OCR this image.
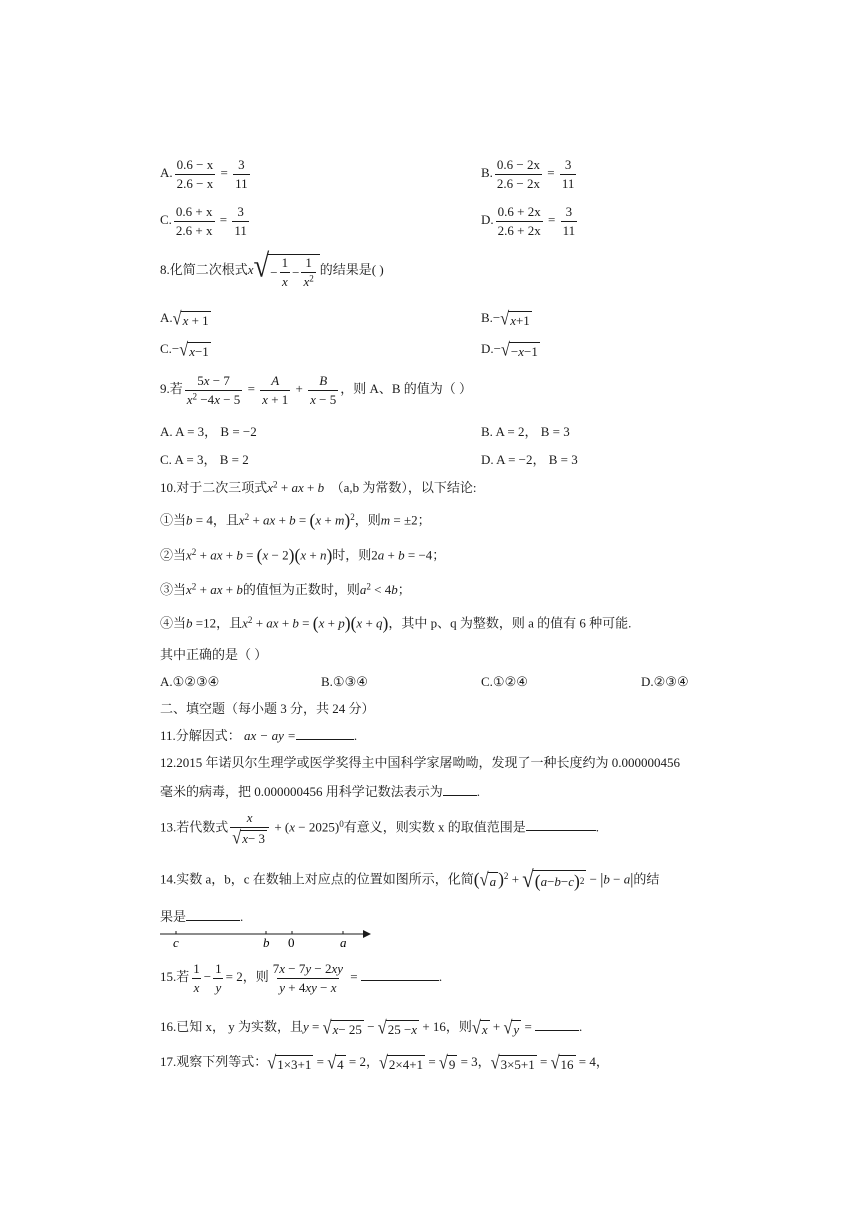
A. $\frac{0.6 - x}{2.6 - x} = \frac{3}{11}$	B. $\frac{0.6 - 2x}{2.6 - 2x} = \frac{3}{11}$
C. $\frac{0.6 + x}{2.6 + x} = \frac{3}{11}$	D. $\frac{0.6 + 2x}{2.6 + 2x} = \frac{3}{11}$
8.化简二次根式x √ − $\frac{1}{x} - \frac{1}{x^2}$ 的结果是( )
A. √ x + 1	B.− √ x +1
C.− √ x −1	D.− √ − x −1
9.若 $\frac{5x - 7}{x^2 -4x - 5} = \frac{A}{x + 1} + \frac{B}{x - 5}$ ，则 A、B 的值为（ ）
A. A = 3， B = −2	B. A = 2， B = 3
C. A = 3， B = 2	D. A = −2， B = 3
10.对于二次三项式$x^2$ + ax + b （a,b 为常数），以下结论:
①当b = 4，且$x^2$ + ax + $b = (x + m)^2$，则m = ±2；
②当$x^2$ + ax + b = (x − 2)(x + n)时，则2a + b = −4；
③当$x^2$ + ax + b的值恒为正数时，则$a^2 < 4b$；
④当b =12，且$x^2$ + ax + b = (x + p)(x + q)，其中 p、q 为整数，则 a 的值有 6 种可能.
其中正确的是（ ）
A.①②③④	B.①③④	C.①②④	D.②③④
二、填空题（每小题 3 分，共 24 分）
11.分解因式： ax − ay =	.
12.2015 年诺贝尔生理学或医学奖得主中国科学家屠呦呦，发现了一种长度约为 0.000000456
毫米的病毒，把 0.000000456 用科学记数法表示为	.
13.若代数式 $\frac{x}{√ x - 3} + (x - 2025)^0$有意义，则实数 x 的取值范围是	.
14.实数 a，b，c 在数轴上对应点的位置如图所示，化简( √ a )$^2$ + √ ( a − b − c ) 2 − |b − a|的结
果是	.
c	b 0	a
15.若 $\frac{1}{x} - \frac{1}{y} = 2$，则 $\frac{7x - 7y - 2xy}{y + 4xy - x}$ =	.
16.已知 x， y 为实数，且y = √ x − 25 − √ 25 − x + 16，则 √ x + √ y =	.
17.观察下列等式： √ 1×3+1 = √ 4 = 2， √ 2×4+1 = √ 9 = 3， √ 3×5+1 = √ 16 = 4，
